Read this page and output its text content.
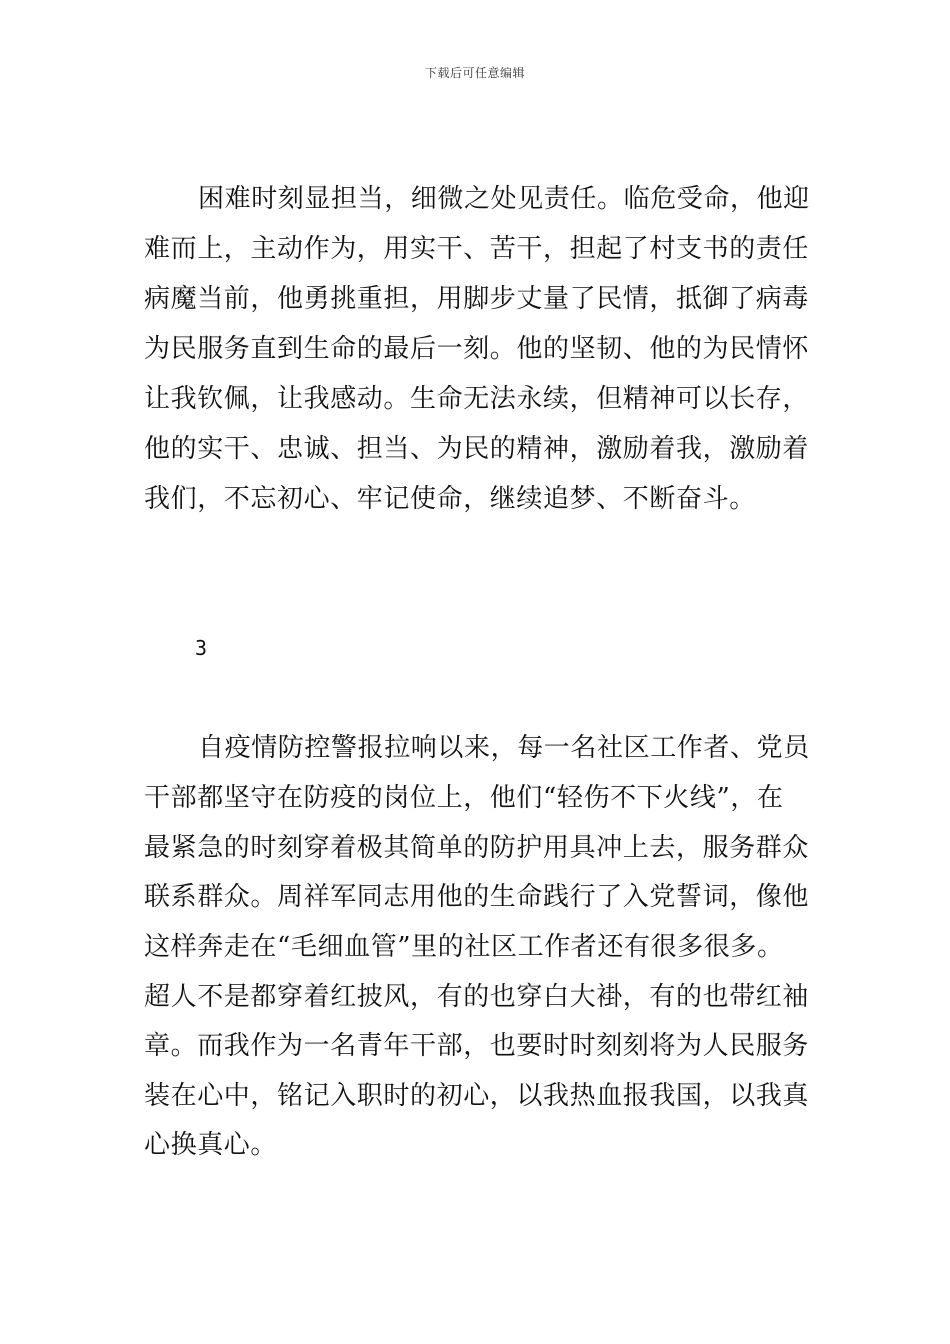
下载后可任意编辑
困难时刻显担当，细微之处见责任。临危受命，他迎
难而上，主动作为，用实干、苦干，担起了村支书的责任
病魔当前，他勇挑重担，用脚步丈量了民情，抵御了病毒
为民服务直到生命的最后一刻。他的坚韧、他的为民情怀
让我钦佩，让我感动。生命无法永续，但精神可以长存，
他的实干、忠诚、担当、为民的精神，激励着我，激励着
我们，不忘初心、牢记使命，继续追梦、不断奋斗。
3
自疫情防控警报拉响以来，每一名社区工作者、党员
干部都坚守在防疫的岗位上，他们“轻伤不下火线”，在
最紧急的时刻穿着极其简单的防护用具冲上去，服务群众
联系群众。周祥军同志用他的生命践行了入党誓词，像他
这样奔走在“毛细血管”里的社区工作者还有很多很多。
超人不是都穿着红披风，有的也穿白大褂，有的也带红袖
章。而我作为一名青年干部，也要时时刻刻将为人民服务
装在心中，铭记入职时的初心，以我热血报我国，以我真
心换真心。
